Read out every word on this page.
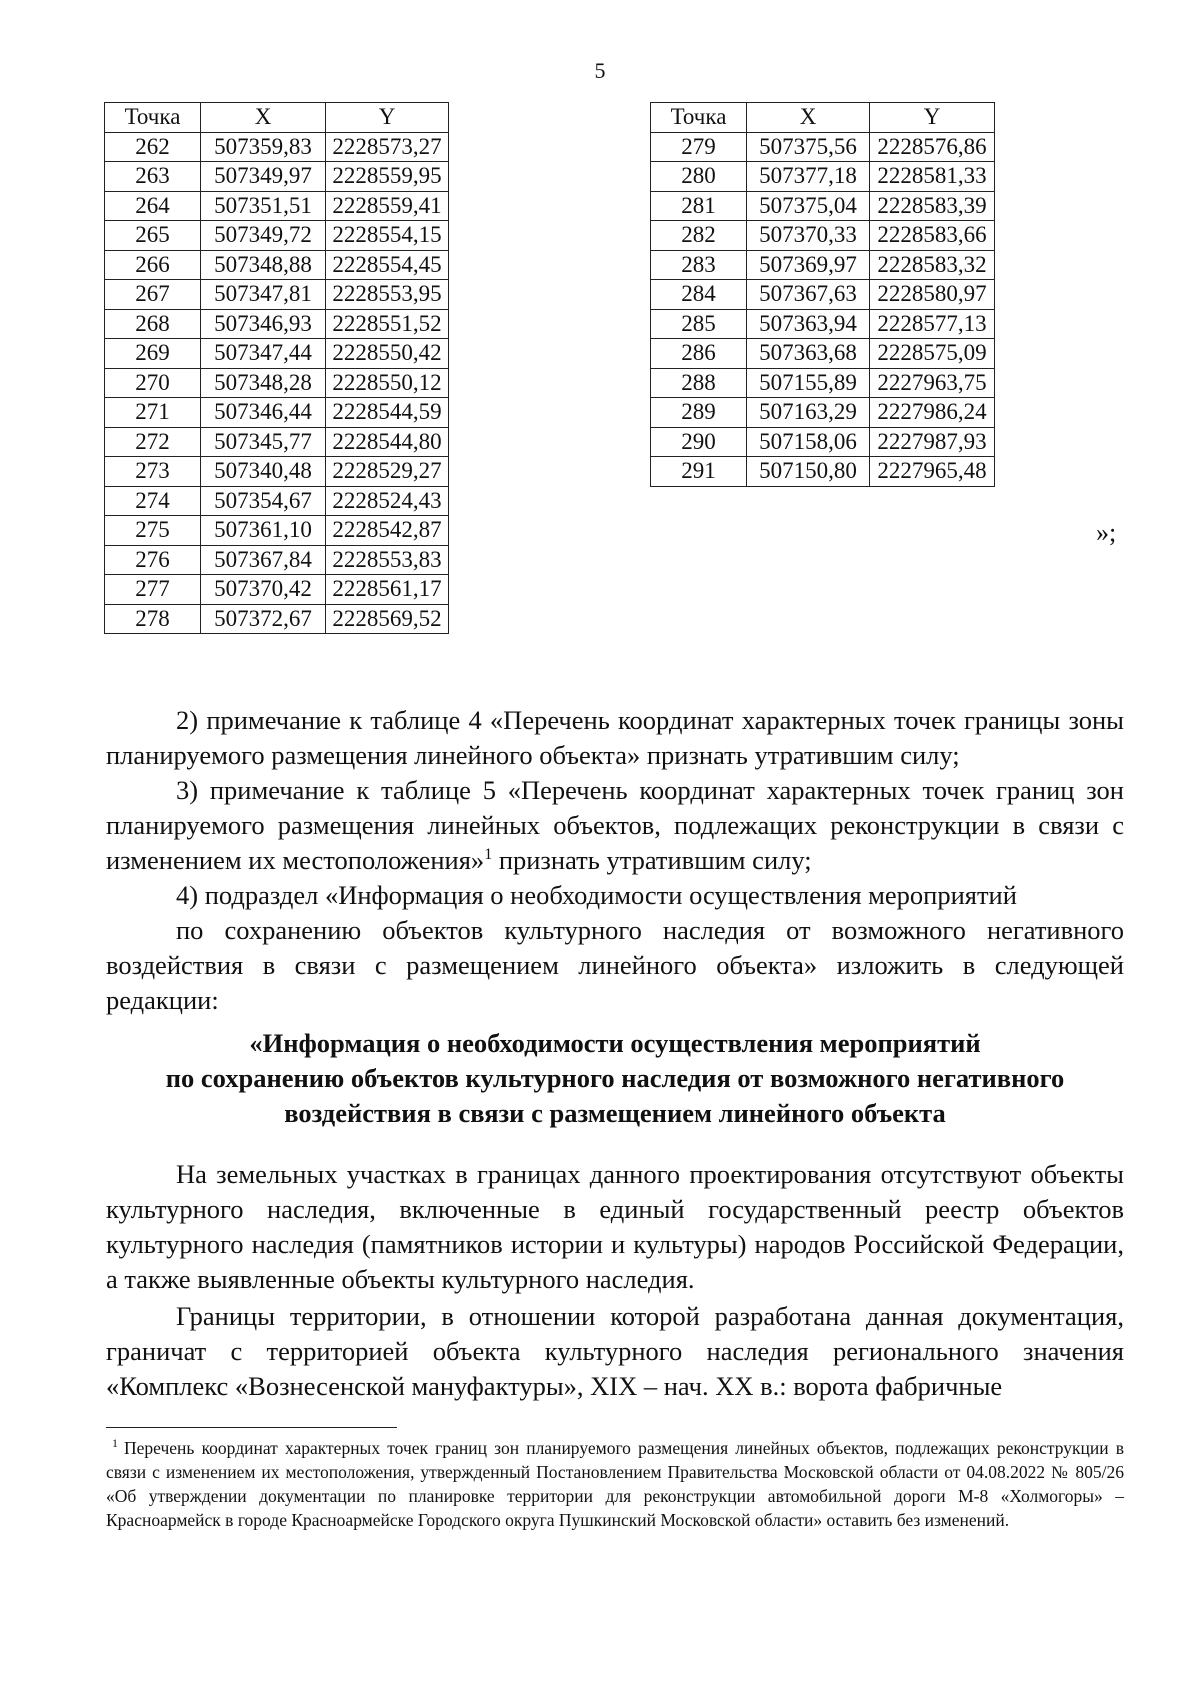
5
Точка	X	Y
262	507359,83	2228573,27
263	507349,97	2228559,95
264	507351,51	2228559,41
265	507349,72	2228554,15
266	507348,88	2228554,45
267	507347,81	2228553,95
268	507346,93	2228551,52
269	507347,44	2228550,42
270	507348,28	2228550,12
271	507346,44	2228544,59
272	507345,77	2228544,80
273	507340,48	2228529,27
274	507354,67	2228524,43
275	507361,10	2228542,87
276	507367,84	2228553,83
277	507370,42	2228561,17
278	507372,67	2228569,52
Точка	X	Y
279	507375,56	2228576,86
280	507377,18	2228581,33
281	507375,04	2228583,39
282	507370,33	2228583,66
283	507369,97	2228583,32
284	507367,63	2228580,97
285	507363,94	2228577,13
286	507363,68	2228575,09
288	507155,89	2227963,75
289	507163,29	2227986,24
290	507158,06	2227987,93
291	507150,80	2227965,48
»;

2) примечание к таблице 4 «Перечень координат характерных точек границы зоны планируемого размещения линейного объекта» признать утратившим силу;

3) примечание к таблице 5 «Перечень координат характерных точек границ зон планируемого размещения линейных объектов, подлежащих реконструкции в связи с изменением их местоположения»$^1$ признать утратившим силу;

4) подраздел «Информация о необходимости осуществления мероприятий

по сохранению объектов культурного наследия от возможного негативного воздействия в связи с размещением линейного объекта» изложить в следующей редакции:

«Информация о необходимости осуществления мероприятий
по сохранению объектов культурного наследия от возможного негативного
воздействия в связи с размещением линейного объекта

На земельных участках в границах данного проектирования отсутствуют объекты культурного наследия, включенные в единый государственный реестр объектов культурного наследия (памятников истории и культуры) народов Российской Федерации, а также выявленные объекты культурного наследия.

Границы территории, в отношении которой разработана данная документация, граничат с территорией объекта культурного наследия регионального значения «Комплекс «Вознесенской мануфактуры», XIX – нач. XX в.: ворота фабричные

$^1$ Перечень координат характерных точек границ зон планируемого размещения линейных объектов, подлежащих реконструкции в связи с изменением их местоположения, утвержденный Постановлением Правительства Московской области от 04.08.2022 № 805/26 «Об утверждении документации по планировке территории для реконструкции автомобильной дороги М-8 «Холмогоры» – Красноармейск в городе Красноармейске Городского округа Пушкинский Московской области» оставить без изменений.
